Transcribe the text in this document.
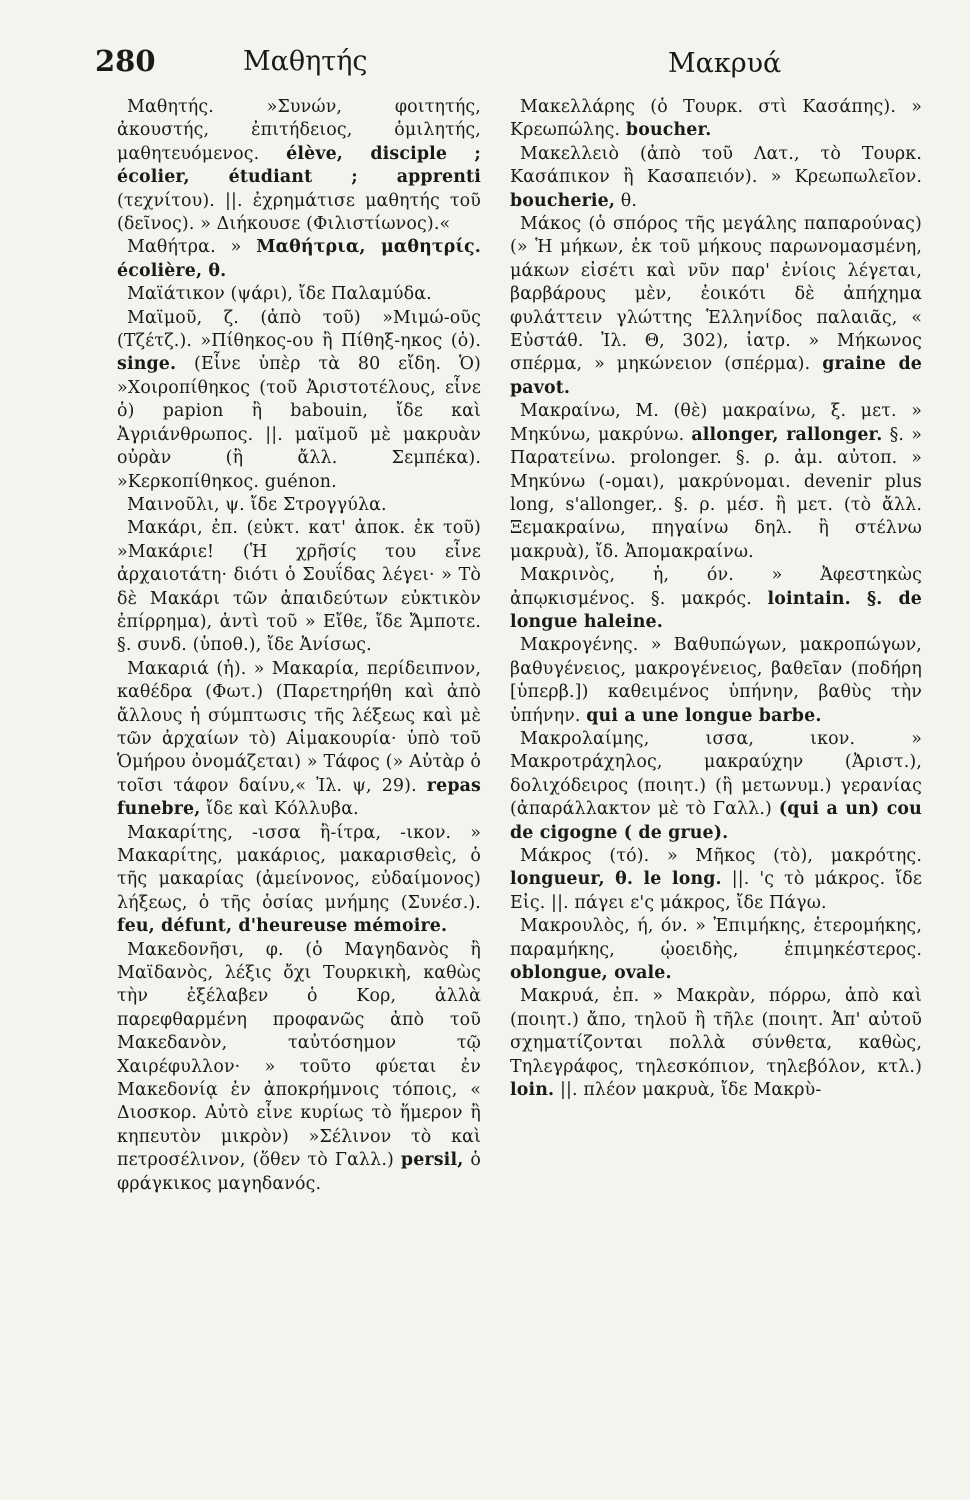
280	Μαθητής	Μακρυά

Μαθητής. »Συνών, φοιτητής, ἀκουστής, ἐπιτήδειος, ὁμιλητής, μαθητευόμενος. élève, disciple ; écolier, étudiant ; apprenti (τεχνίτου). ||. ἐχρημάτισε μαθητής τοῦ (δεῖνος). » Διήκουσε (Φιλιστίωνος).«

Μαθήτρα. » Μαθήτρια, μαθητρίς. écolière, θ.

Μαϊάτικον (ψάρι), ἴδε Παλαμύδα.

Μαϊμοῦ, ζ. (ἀπὸ τοῦ) »Μιμώ-οῦς (Τζέτζ.). »Πίθηκος-ου ἢ Πίθηξ-ηκος (ὁ). singe. (Εἶνε ὑπὲρ τὰ 80 εἴδη. Ὁ) »Χοιροπίθηκος (τοῦ Ἀριστοτέλους, εἶνε ὁ) papion ἢ babouin, ἴδε καὶ Ἀγριάνθρωπος. ||. μαϊμοῦ μὲ μακρυὰν οὐρὰν (ἢ ἄλλ. Σεμπέκα). »Κερκοπίθηκος. guénon.

Μαινοῦλι, ψ. ἴδε Στρογγύλα.

Μακάρι, ἐπ. (εὐκτ. κατ' ἀποκ. ἐκ τοῦ) »Μακάριε! (Ἡ χρῆσίς του εἶνε ἀρχαιοτάτη· διότι ὁ Σουΐδας λέγει· » Τὸ δὲ Μακάρι τῶν ἀπαιδεύτων εὐκτικὸν ἐπίρρημα), ἀντὶ τοῦ » Εἴθε, ἴδε Ἄμποτε. §. συνδ. (ὑποθ.), ἴδε Ἀνίσως.

Μακαριά (ἡ). » Μακαρία, περίδειπνον, καθέδρα (Φωτ.) (Παρετηρήθη καὶ ἀπὸ ἄλλους ἡ σύμπτωσις τῆς λέξεως καὶ μὲ τῶν ἀρχαίων τὸ) Αἱμακουρία· ὑπὸ τοῦ Ὁμήρου ὀνομάζεται) » Τάφος (» Αὐτὰρ ὁ τοῖσι τάφον δαίνυ,« Ἰλ. ψ, 29). repas funebre, ἴδε καὶ Κόλλυβα.

Μακαρίτης, -ισσα ἢ-ίτρα, -ικον. » Μακαρίτης, μακάριος, μακαρισθεὶς, ὁ τῆς μακαρίας (ἀμείνονος, εὐδαίμονος) λήξεως, ὁ τῆς ὁσίας μνήμης (Συνέσ.). feu, défunt, d'heureuse mémoire.

Μακεδονῆσι, φ. (ὁ Μαγηδανὸς ἢ Μαϊδανὸς, λέξις ὄχι Τουρκικὴ, καθὼς τὴν ἐξέλαβεν ὁ Κορ, ἀλλὰ παρεφθαρμένη προφανῶς ἀπὸ τοῦ Μακεδανὸν, ταὐτόσημον τῷ Χαιρέφυλλον· » τοῦτο φύεται ἐν Μακεδονίᾳ ἐν ἀποκρήμνοις τόποις, « Διοσκορ. Αὐτὸ εἶνε κυρίως τὸ ἥμερον ἢ κηπευτὸν μικρὸν) »Σέλινον τὸ καὶ πετροσέλινον, (ὅθεν τὸ Γαλλ.) persil, ὁ φράγκικος μαγηδανός.

Μακελλάρης (ὁ Τουρκ. στὶ Κασάπης). » Κρεωπώλης. boucher.

Μακελλειὸ (ἀπὸ τοῦ Λατ., τὸ Τουρκ. Κασάπικον ἢ Κασαπειόν). » Κρεωπωλεῖον. boucherie, θ.

Μάκος (ὁ σπόρος τῆς μεγάλης παπαρούνας) (» Ἡ μήκων, ἐκ τοῦ μήκους παρωνομασμένη, μάκων εἰσέτι καὶ νῦν παρ' ἐνίοις λέγεται, βαρβάρους μὲν, ἐοικότι δὲ ἀπήχημα φυλάττειν γλώττης Ἑλληνίδος παλαιᾶς, « Εὐστάθ. Ἰλ. Θ, 302), ἰατρ. » Μήκωνος σπέρμα, » μηκώνειον (σπέρμα). graine de pavot.

Μακραίνω, Μ. (θὲ) μακραίνω, ξ. μετ. » Μηκύνω, μακρύνω. allonger, rallonger. §. » Παρατείνω. prolonger. §. ρ. ἀμ. αὐτοπ. » Μηκύνω (-ομαι), μακρύνομαι. devenir plus long, s'allonger,. §. ρ. μέσ. ἢ μετ. (τὸ ἄλλ. Ξεμακραίνω, πηγαίνω δηλ. ἢ στέλνω μακρυὰ), ἴδ. Ἀπομακραίνω.

Μακρινὸς, ἡ, όν. » Ἀφεστηκὼς ἀπῳκισμένος. §. μακρός. lointain. §. de longue haleine.

Μακρογένης. » Βαθυπώγων, μακροπώγων, βαθυγένειος, μακρογένειος, βαθεῖαν (ποδήρη [ὑπερβ.]) καθειμένος ὑπήνην, βαθὺς τὴν ὑπήνην. qui a une longue barbe.

Μακρολαίμης, ισσα, ικον. » Μακροτράχηλος, μακραύχην (Ἀριστ.), δολιχόδειρος (ποιητ.) (ἢ μετωνυμ.) γερανίας (ἀπαράλλακτον μὲ τὸ Γαλλ.) (qui a un) cou de cigogne ( de grue).

Μάκρος (τό). » Μῆκος (τὸ), μακρότης. longueur, θ. le long. ||. 'ς τὸ μάκρος. ἴδε Εἰς. ||. πάγει ε'ς μάκρος, ἴδε Πάγω.

Μακρουλὸς, ή, όν. » Ἐπιμήκης, ἑτερομήκης, παραμήκης, ᾠοειδὴς, ἐπιμηκέστερος. oblongue, ovale.

Μακρυά, ἐπ. » Μακρὰν, πόρρω, ἀπὸ καὶ (ποιητ.) ἄπο, τηλοῦ ἢ τῆλε (ποιητ. Ἀπ' αὐτοῦ σχηματίζονται πολλὰ σύνθετα, καθὼς, Τηλεγράφος, τηλεσκόπιον, τηλεβόλον, κτλ.) loin. ||. πλέον μακρυὰ, ἴδε Μακρὺ-
